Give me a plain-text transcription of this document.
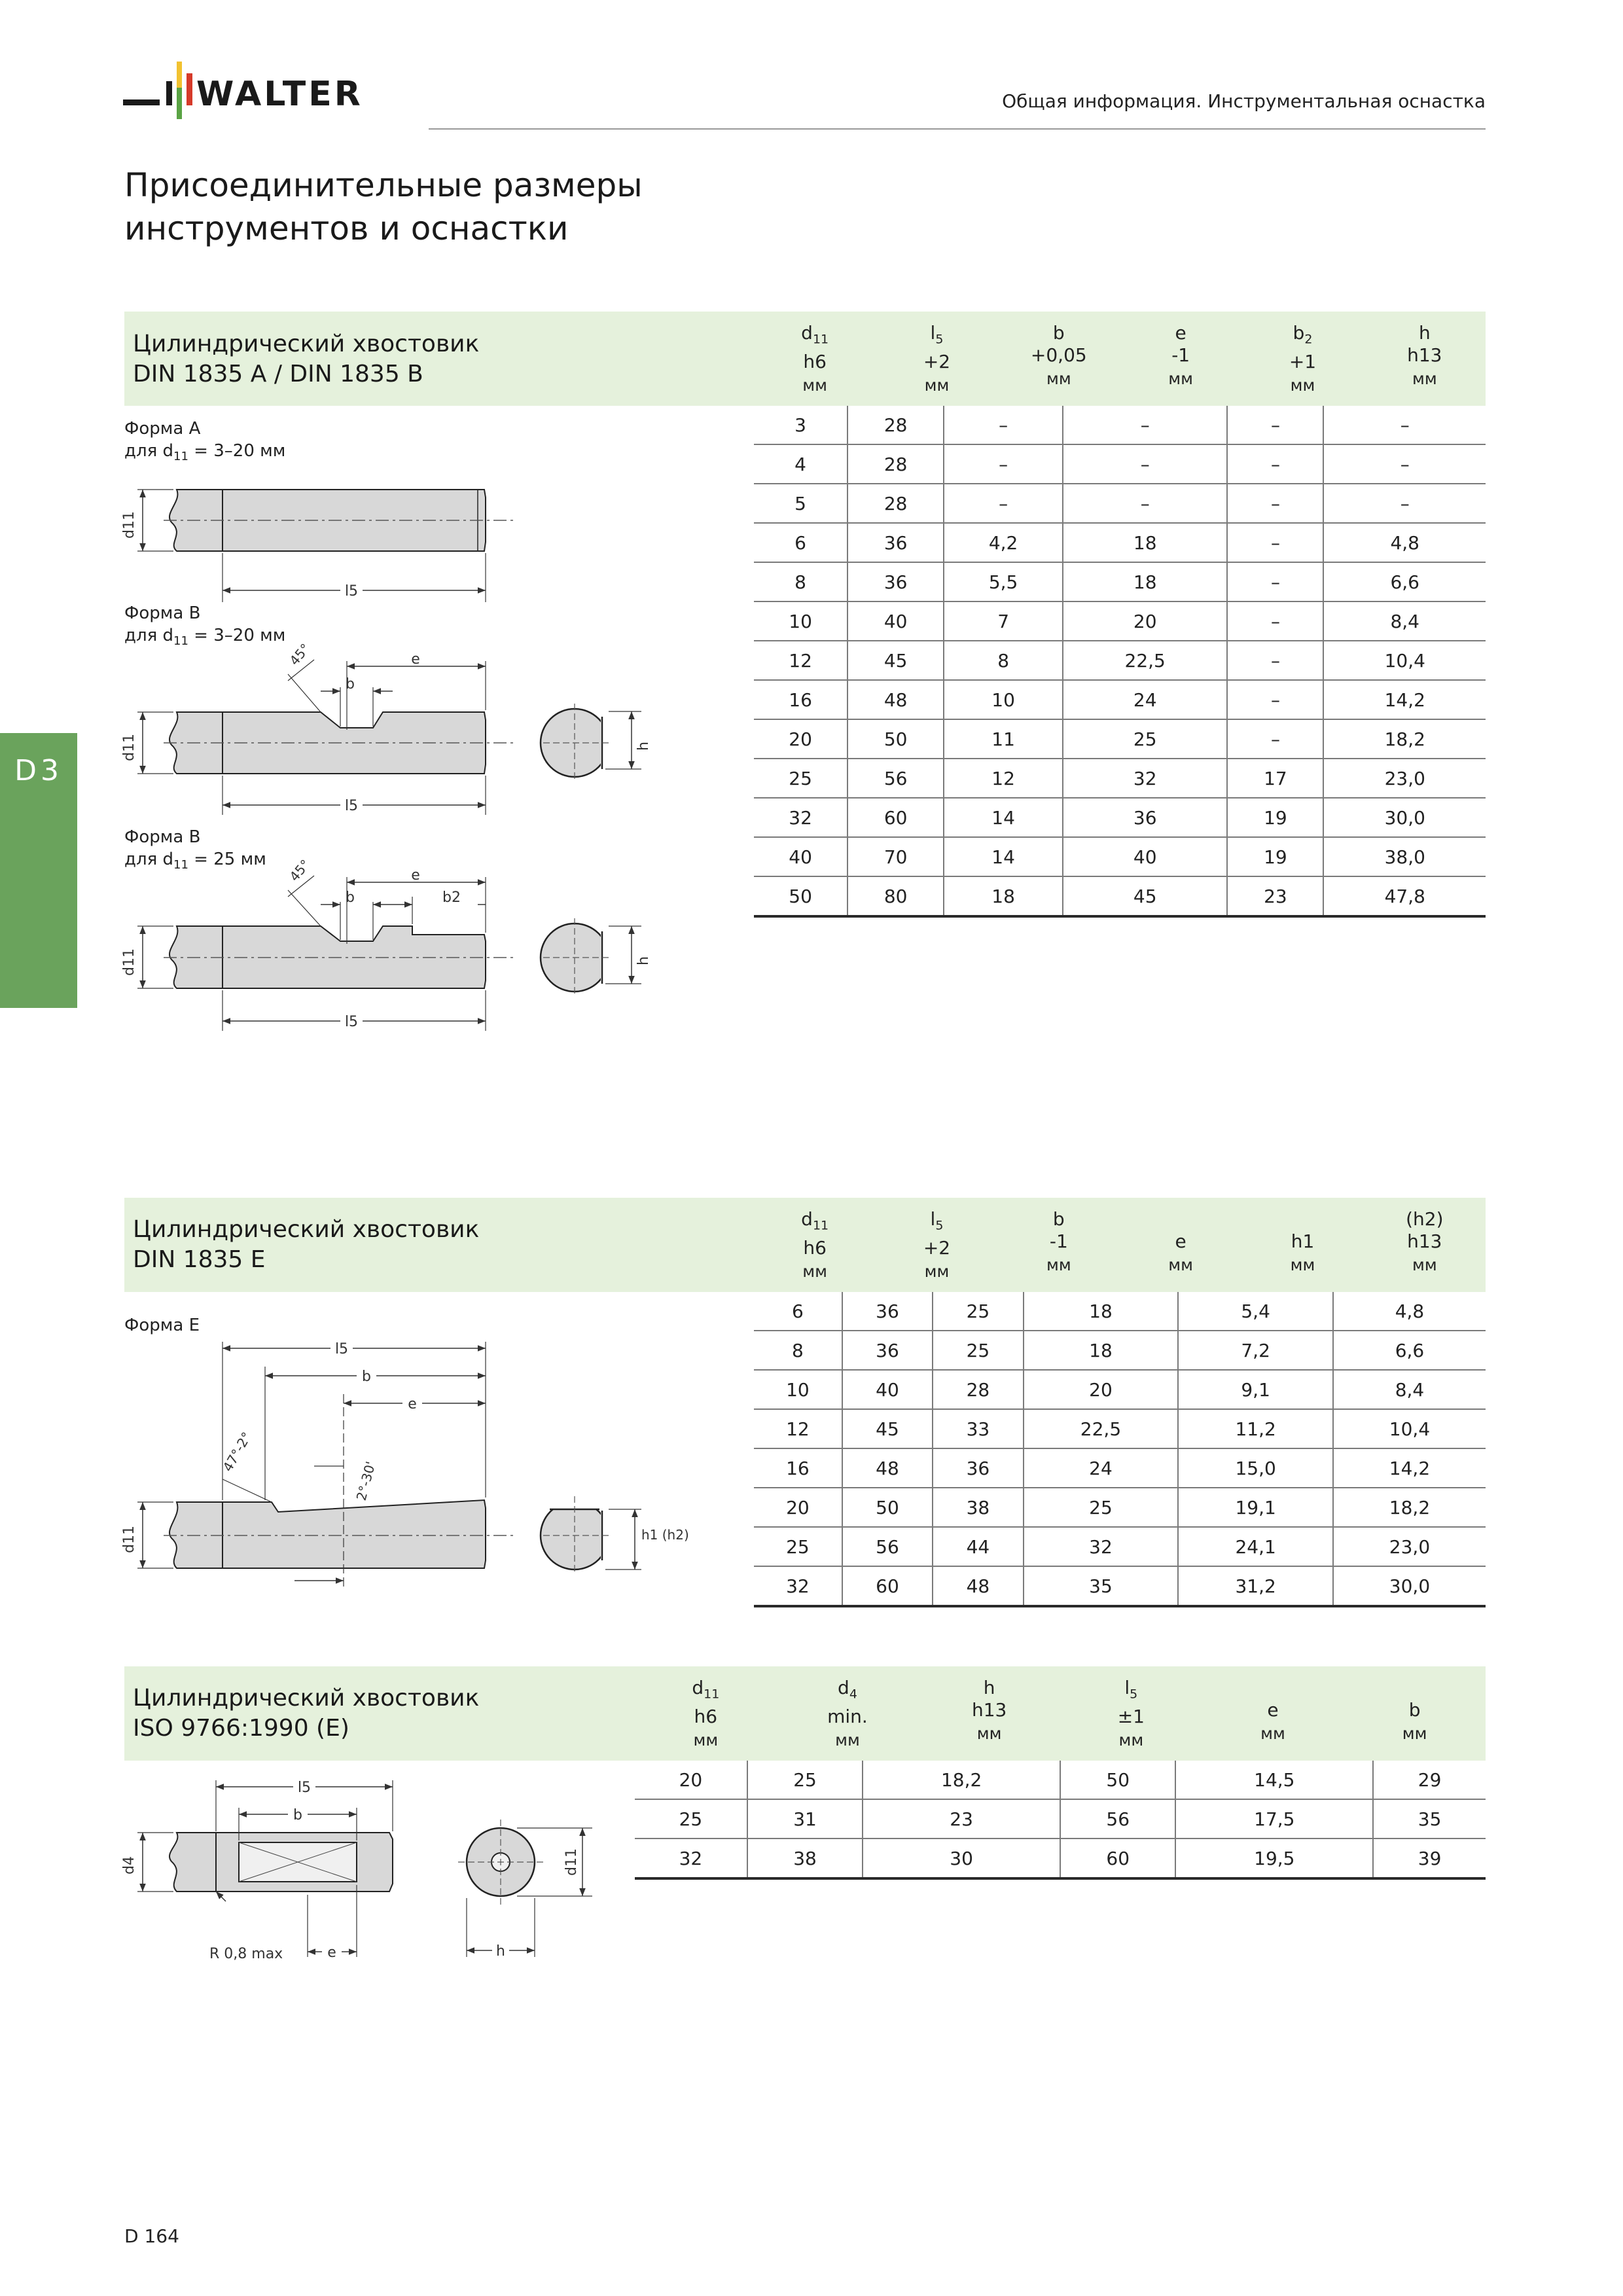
WALTER	Общая информация. Инструментальная оснастка
Присоединительные размеры
инструментов и оснастки
D3
Цилиндрический хвостовик
DIN 1835 A / DIN 1835 B
$d_{11}$
h6
мм
$l_5$
+2
мм
b
+0,05
мм
e
-1
мм
$b_2$
+1
мм
h
h13
мм
3	28	–	–	–	–
4	28	–	–	–	–
5	28	–	–	–	–
6	36	4,2	18	–	4,8
8	36	5,5	18	–	6,6
10	40	7	20	–	8,4
12	45	8	22,5	–	10,4
16	48	10	24	–	14,2
20	50	11	25	–	18,2
25	56	12	32	17	23,0
32	60	14	36	19	30,0
40	70	14	40	19	38,0
50	80	18	45	23	47,8
Форма A
для $d_{11} = 3-20$ мм
Форма B
для $d_{11} = 3-20$ мм
Форма B
для $d_{11} = 25$ мм
d11
l5
d11
e
b
45°
l5
h
d11
e
b	b2
45°
l5
h
Цилиндрический хвостовик
DIN 1835 E
$d_{11}$
h6
мм
$l_5$
+2
мм
b
-1
мм
e
мм
h1
мм
(h2)
h13
мм
6	36	25	18	5,4	4,8
8	36	25	18	7,2	6,6
10	40	28	20	9,1	8,4
12	45	33	22,5	11,2	10,4
16	48	36	24	15,0	14,2
20	50	38	25	19,1	18,2
25	56	44	32	24,1	23,0
32	60	48	35	31,2	30,0
Форма E
d11
l5
b
e
47°-2°
2°-30'
h1 (h2)
Цилиндрический хвостовик
ISO 9766:1990 (E)
$d_{11}$
h6
мм
$d_4$
min.
мм
h
h13
мм
$l_5$
±1
мм
e
мм
b
мм
20	25	18,2	50	14,5	29
25	31	23	56	17,5	35
32	38	30	60	19,5	39
l5
b
d4
R 0,8 max	e
d11
h
D 164
